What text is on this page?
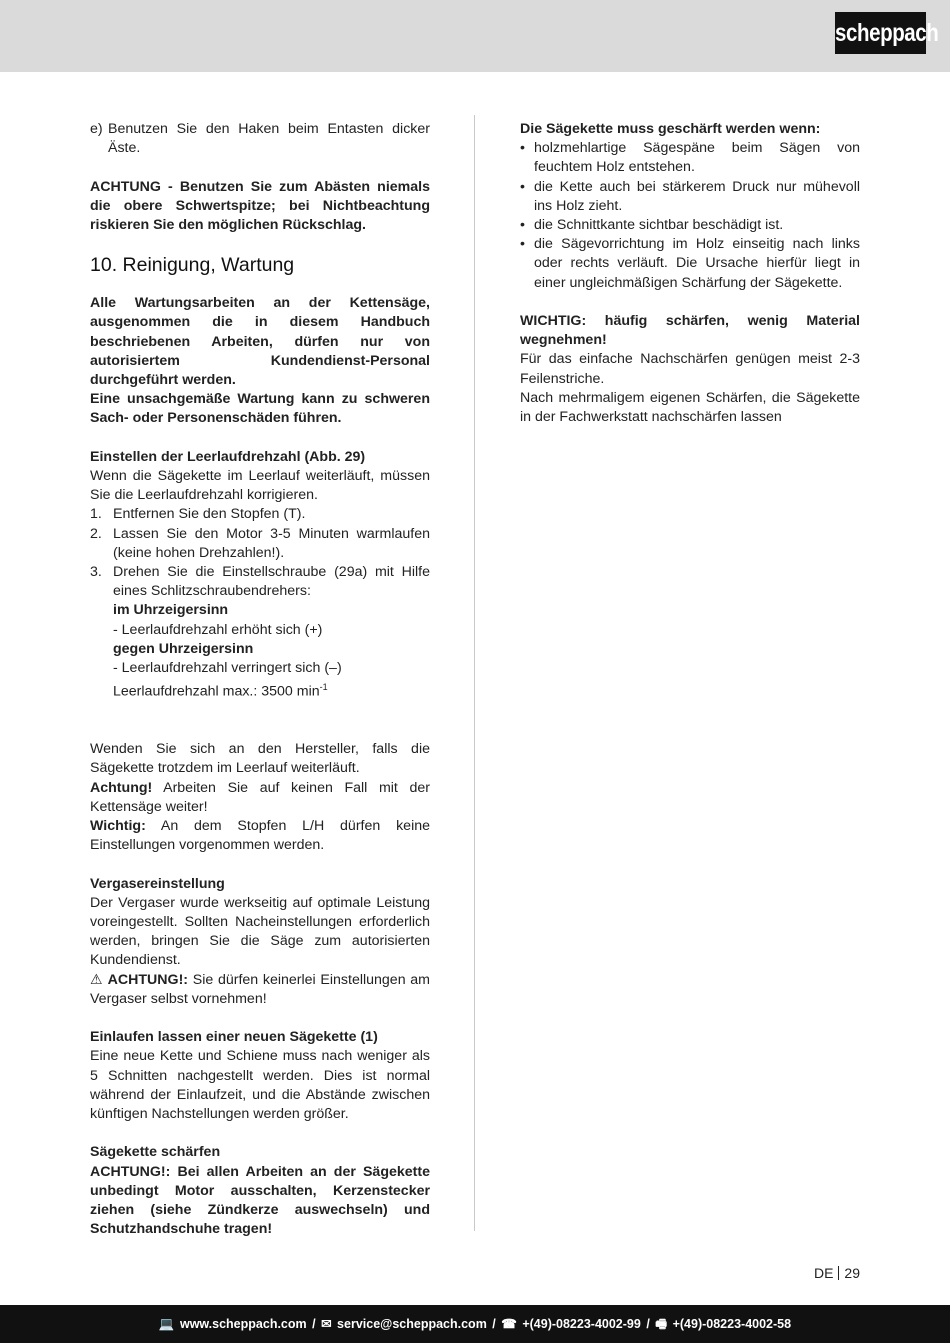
scheppach
e) Benutzen Sie den Haken beim Entasten dicker Äste.

ACHTUNG - Benutzen Sie zum Abästen niemals die obere Schwertspitze; bei Nichtbeachtung riskieren Sie den möglichen Rückschlag.

10. Reinigung, Wartung

Alle Wartungsarbeiten an der Kettensäge, ausgenommen die in diesem Handbuch beschriebenen Arbeiten, dürfen nur von autorisiertem Kundendienst-Personal durchgeführt werden.

Eine unsachgemäße Wartung kann zu schweren Sach- oder Personenschäden führen.

Einstellen der Leerlaufdrehzahl (Abb. 29)

Wenn die Sägekette im Leerlauf weiterläuft, müssen Sie die Leerlaufdrehzahl korrigieren.

1. Entfernen Sie den Stopfen (T).
2. Lassen Sie den Motor 3-5 Minuten warmlaufen (keine hohen Drehzahlen!).
3. Drehen Sie die Einstellschraube (29a) mit Hilfe eines Schlitzschraubendrehers:
im Uhrzeigersinn
- Leerlaufdrehzahl erhöht sich (+)
gegen Uhrzeigersinn
- Leerlaufdrehzahl verringert sich (–)
Leerlaufdrehzahl max.: 3500 $\min^{-1}$

Wenden Sie sich an den Hersteller, falls die Sägekette trotzdem im Leerlauf weiterläuft.

Achtung! Arbeiten Sie auf keinen Fall mit der Kettensäge weiter!

Wichtig: An dem Stopfen L/H dürfen keine Einstellungen vorgenommen werden.

Vergasereinstellung

Der Vergaser wurde werkseitig auf optimale Leistung voreingestellt. Sollten Nacheinstellungen erforderlich werden, bringen Sie die Säge zum autorisierten Kundendienst.

⚠ ACHTUNG!: Sie dürfen keinerlei Einstellungen am Vergaser selbst vornehmen!

Einlaufen lassen einer neuen Sägekette (1)

Eine neue Kette und Schiene muss nach weniger als 5 Schnitten nachgestellt werden. Dies ist normal während der Einlaufzeit, und die Abstände zwischen künftigen Nachstellungen werden größer.

Sägekette schärfen

ACHTUNG!: Bei allen Arbeiten an der Sägekette unbedingt Motor ausschalten, Kerzenstecker ziehen (siehe Zündkerze auswechseln) und Schutzhandschuhe tragen!

Die Sägekette muss geschärft werden wenn:

• holzmehlartige Sägespäne beim Sägen von feuchtem Holz entstehen.
• die Kette auch bei stärkerem Druck nur mühevoll ins Holz zieht.
• die Schnittkante sichtbar beschädigt ist.
• die Sägevorrichtung im Holz einseitig nach links oder rechts verläuft. Die Ursache hierfür liegt in einer ungleichmäßigen Schärfung der Sägekette.

WICHTIG: häufig schärfen, wenig Material wegnehmen!

Für das einfache Nachschärfen genügen meist 2-3 Feilenstriche.

Nach mehrmaligem eigenen Schärfen, die Sägekette in der Fachwerkstatt nachschärfen lassen

DE 29
💻 www.scheppach.com / ✉ service@scheppach.com / ☎ +(49)-08223-4002-99 / 🖷 +(49)-08223-4002-58
